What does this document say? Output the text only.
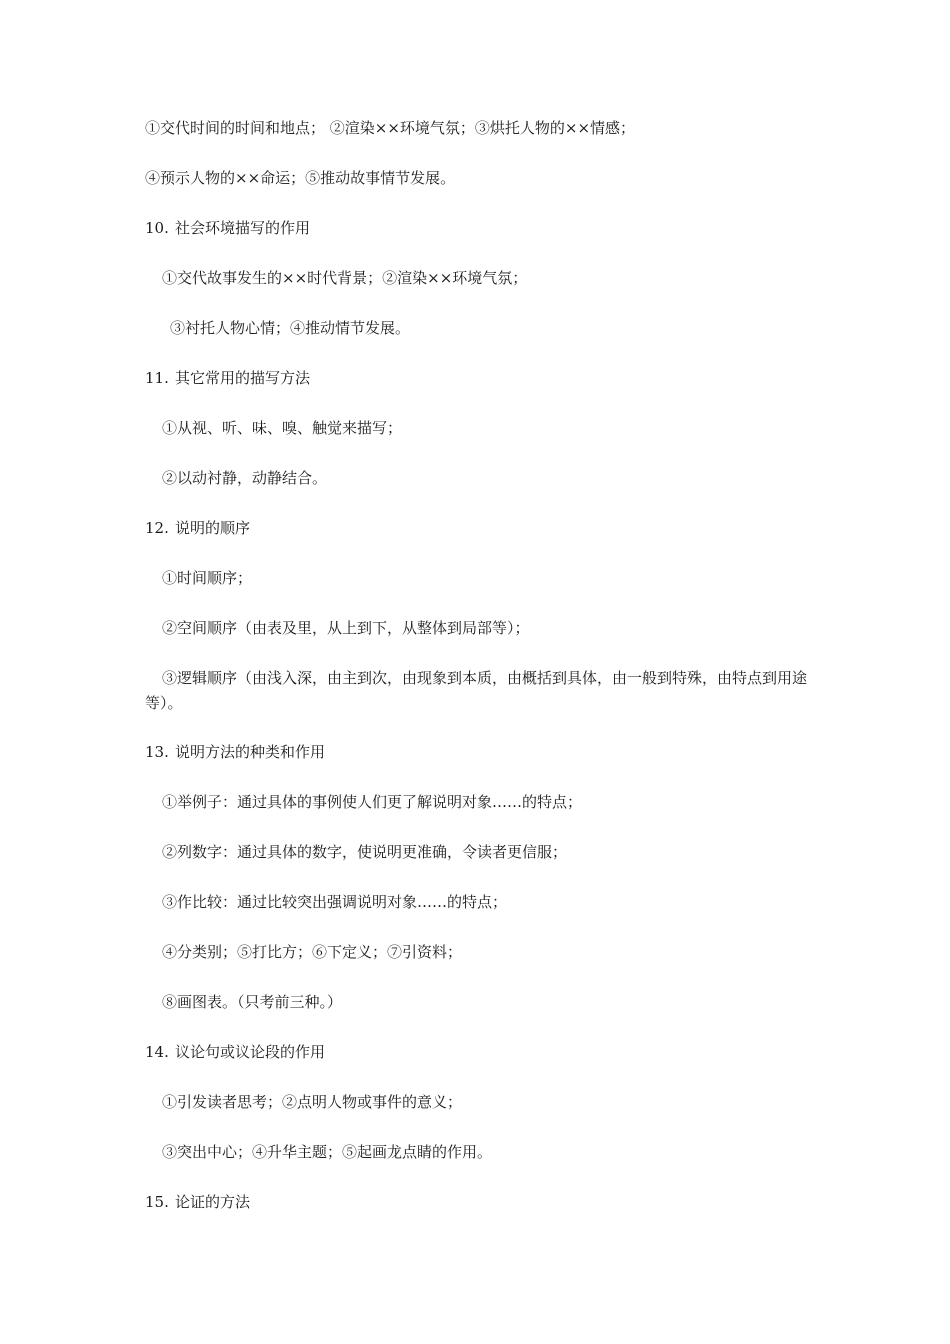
①交代时间的时间和地点； ②渲染××环境气氛；③烘托人物的××情感；
④预示人物的××命运；⑤推动故事情节发展。
10. 社会环境描写的作用
①交代故事发生的××时代背景；②渲染××环境气氛；
③衬托人物心情；④推动情节发展。
11. 其它常用的描写方法
①从视、听、味、嗅、触觉来描写；
②以动衬静，动静结合。
12. 说明的顺序
①时间顺序；
②空间顺序（由表及里，从上到下，从整体到局部等）；
③逻辑顺序（由浅入深，由主到次，由现象到本质，由概括到具体，由一般到特殊，由特点到用途等）。
13. 说明方法的种类和作用
①举例子：通过具体的事例使人们更了解说明对象……的特点；
②列数字：通过具体的数字，使说明更准确，令读者更信服；
③作比较：通过比较突出强调说明对象……的特点；
④分类别；⑤打比方；⑥下定义；⑦引资料；
⑧画图表。（只考前三种。）
14. 议论句或议论段的作用
①引发读者思考；②点明人物或事件的意义；
③突出中心；④升华主题；⑤起画龙点睛的作用。
15. 论证的方法
